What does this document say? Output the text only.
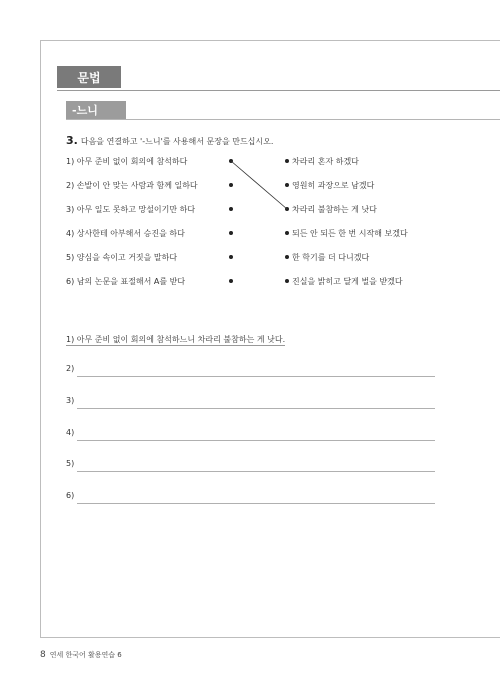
문법
-느니
3. 다음을 연결하고 '-느니'를 사용해서 문장을 만드십시오.
1) 아무 준비 없이 회의에 참석하다
2) 손발이 안 맞는 사람과 함께 일하다
3) 아무 일도 못하고 망설이기만 하다
4) 상사한테 아부해서 승진을 하다
5) 양심을 속이고 거짓을 말하다
6) 남의 논문을 표절해서 A를 받다
차라리 혼자 하겠다
영원히 과장으로 남겠다
차라리 불참하는 게 낫다
되든 안 되든 한 번 시작해 보겠다
한 학기를 더 다니겠다
진실을 밝히고 달게 벌을 받겠다
1) 아무 준비 없이 회의에 참석하느니 차라리 불참하는 게 낫다.
2)
3)
4)
5)
6)
8 연세 한국어 활용연습 6
